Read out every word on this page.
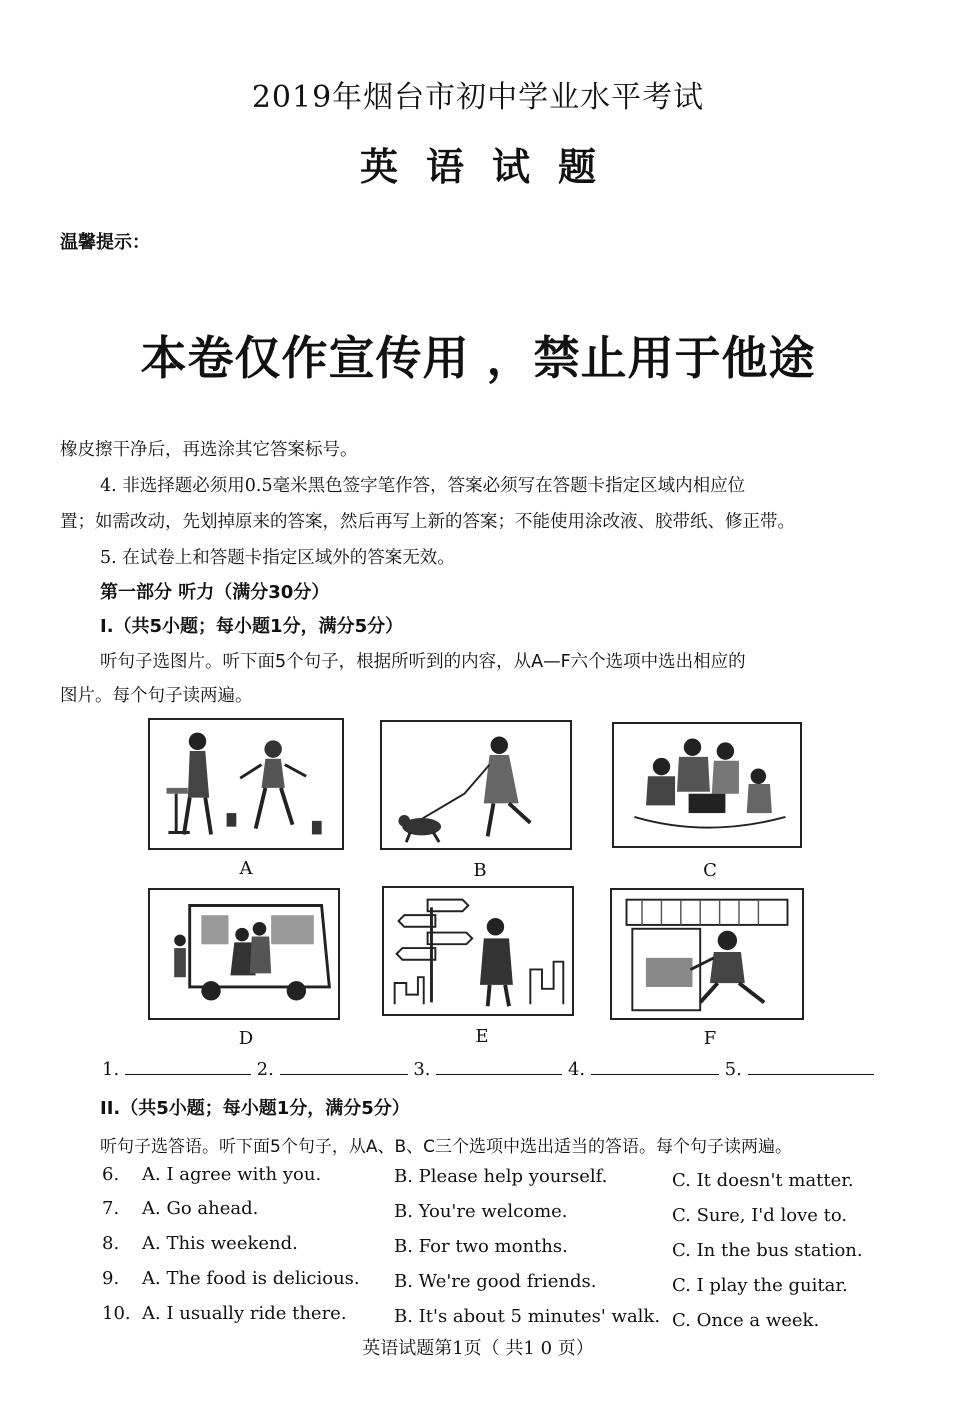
2019年烟台市初中学业水平考试
英语试题
温馨提示：
本卷仅作宣传用 ，禁止用于他途
橡皮擦干净后，再选涂其它答案标号。
4. 非选择题必须用0.5毫米黑色签字笔作答，答案必须写在答题卡指定区域内相应位
置；如需改动，先划掉原来的答案，然后再写上新的答案；不能使用涂改液、胶带纸、修正带。
5. 在试卷上和答题卡指定区域外的答案无效。
第一部分 听力（满分30分）
I.（共5小题；每小题1分，满分5分）
听句子选图片。听下面5个句子，根据所听到的内容，从A—F六个选项中选出相应的
图片。每个句子读两遍。
A	B	C
D	E	F
1.	2.	3.	4.	5.
II.（共5小题；每小题1分，满分5分）
听句子选答语。听下面5个句子，从A、B、C三个选项中选出适当的答语。每个句子读两遍。
6. A. I agree with you.	B. Please help yourself.	C. It doesn't matter.
7. A. Go ahead.	B. You're welcome.	C. Sure, I'd love to.
8. A. This weekend.	B. For two months.	C. In the bus station.
9. A. The food is delicious. B. We're good friends.	C. I play the guitar.
10. A. I usually ride there.	B. It's about 5 minutes' walk. C. Once a week.
英语试题第1页（ 共1 0 页）
